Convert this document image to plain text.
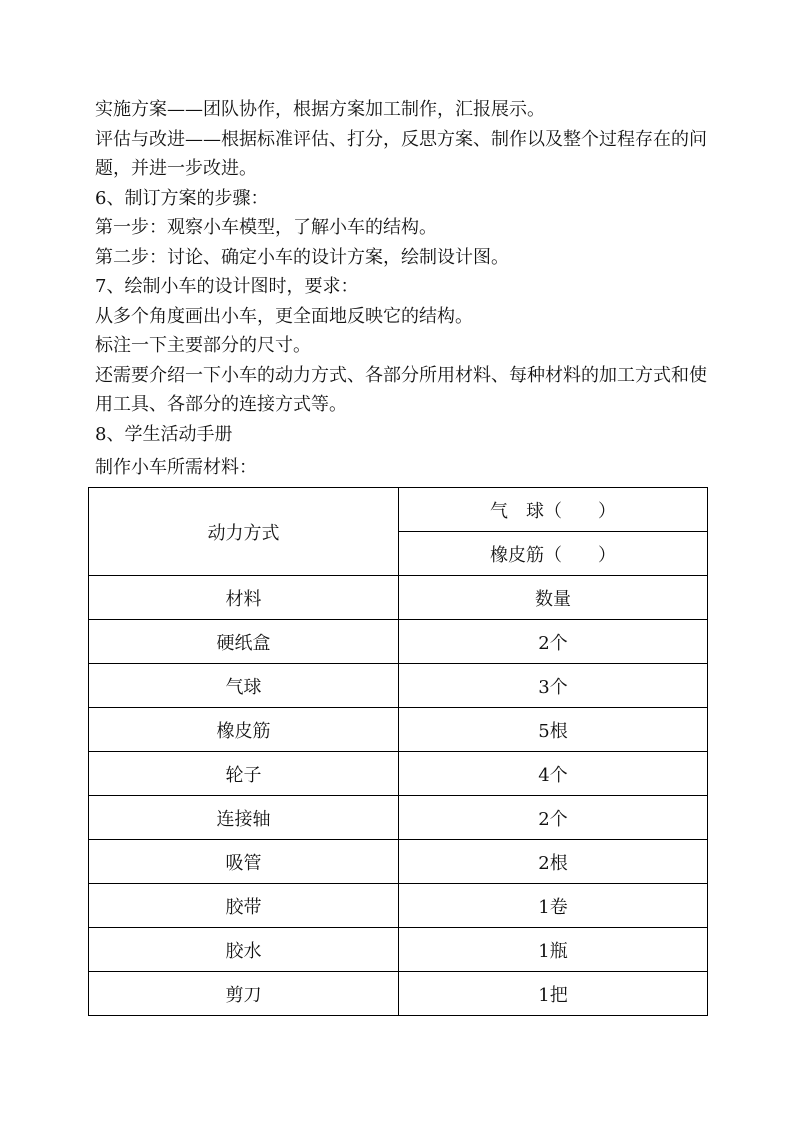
实施方案——团队协作，根据方案加工制作，汇报展示。

评估与改进——根据标准评估、打分，反思方案、制作以及整个过程存在的问题，并进一步改进。

6、制订方案的步骤：

第一步：观察小车模型，了解小车的结构。

第二步：讨论、确定小车的设计方案，绘制设计图。

7、绘制小车的设计图时，要求：

从多个角度画出小车，更全面地反映它的结构。

标注一下主要部分的尺寸。

还需要介绍一下小车的动力方式、各部分所用材料、每种材料的加工方式和使用工具、各部分的连接方式等。

8、学生活动手册

制作小车所需材料：

动力方式	气　球（　　）
	橡皮筋（　　）
材料	数量
硬纸盒	2个
气球	3个
橡皮筋	5根
轮子	4个
连接轴	2个
吸管	2根
胶带	1卷
胶水	1瓶
剪刀	1把
